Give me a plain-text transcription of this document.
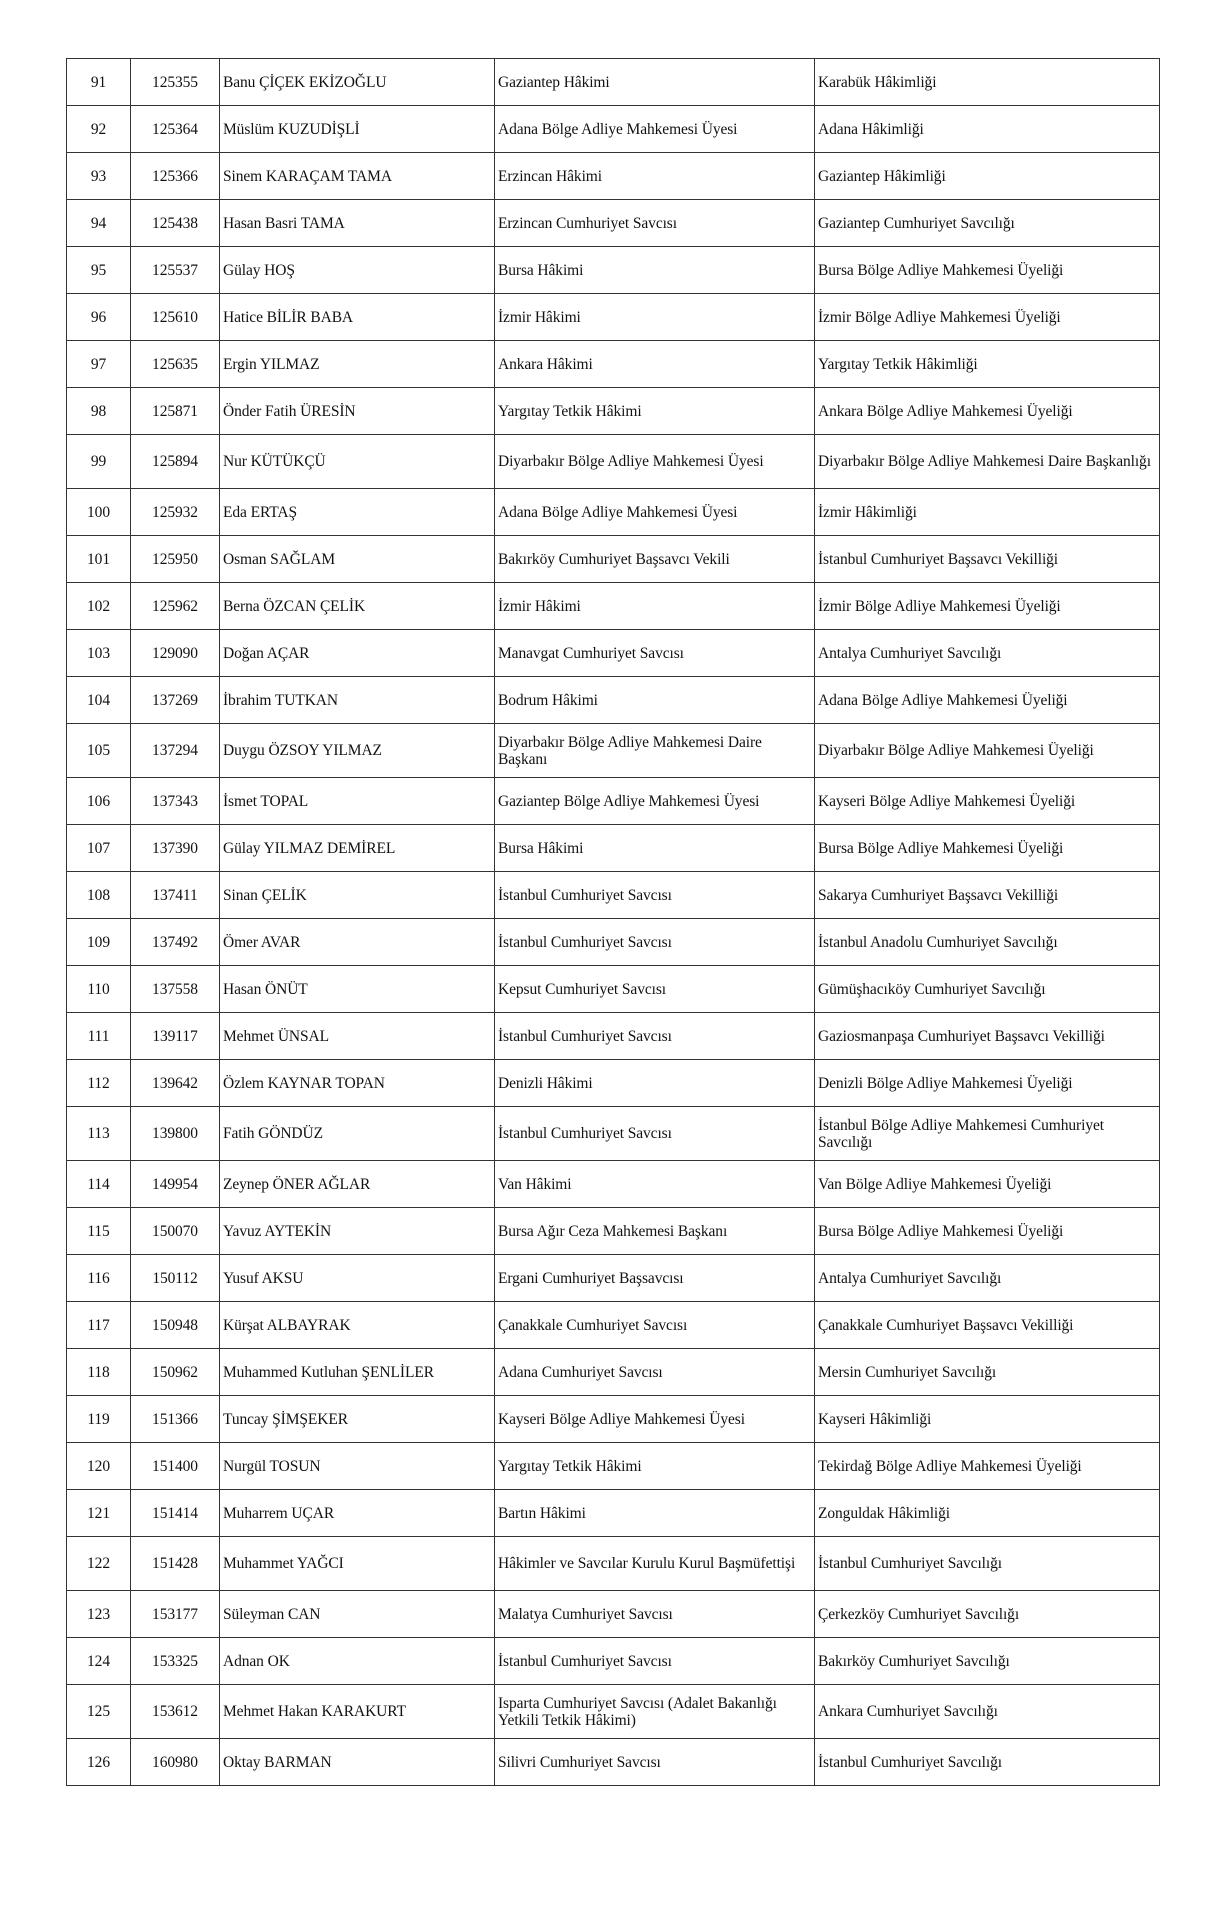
91	125355	Banu ÇİÇEK EKİZOĞLU	Gaziantep Hâkimi	Karabük Hâkimliği
92	125364	Müslüm KUZUDİŞLİ	Adana Bölge Adliye Mahkemesi Üyesi	Adana Hâkimliği
93	125366	Sinem KARAÇAM TAMA	Erzincan Hâkimi	Gaziantep Hâkimliği
94	125438	Hasan Basri TAMA	Erzincan Cumhuriyet Savcısı	Gaziantep Cumhuriyet Savcılığı
95	125537	Gülay HOŞ	Bursa Hâkimi	Bursa Bölge Adliye Mahkemesi Üyeliği
96	125610	Hatice BİLİR BABA	İzmir Hâkimi	İzmir Bölge Adliye Mahkemesi Üyeliği
97	125635	Ergin YILMAZ	Ankara Hâkimi	Yargıtay Tetkik Hâkimliği
98	125871	Önder Fatih ÜRESİN	Yargıtay Tetkik Hâkimi	Ankara Bölge Adliye Mahkemesi Üyeliği
99	125894	Nur KÜTÜKÇÜ	Diyarbakır Bölge Adliye Mahkemesi Üyesi	Diyarbakır Bölge Adliye Mahkemesi Daire Başkanlığı
100	125932	Eda ERTAŞ	Adana Bölge Adliye Mahkemesi Üyesi	İzmir Hâkimliği
101	125950	Osman SAĞLAM	Bakırköy Cumhuriyet Başsavcı Vekili	İstanbul Cumhuriyet Başsavcı Vekilliği
102	125962	Berna ÖZCAN ÇELİK	İzmir Hâkimi	İzmir Bölge Adliye Mahkemesi Üyeliği
103	129090	Doğan AÇAR	Manavgat Cumhuriyet Savcısı	Antalya Cumhuriyet Savcılığı
104	137269	İbrahim TUTKAN	Bodrum Hâkimi	Adana Bölge Adliye Mahkemesi Üyeliği
105	137294	Duygu ÖZSOY YILMAZ	Diyarbakır Bölge Adliye Mahkemesi Daire Başkanı	Diyarbakır Bölge Adliye Mahkemesi Üyeliği
106	137343	İsmet TOPAL	Gaziantep Bölge Adliye Mahkemesi Üyesi	Kayseri Bölge Adliye Mahkemesi Üyeliği
107	137390	Gülay YILMAZ DEMİREL	Bursa Hâkimi	Bursa Bölge Adliye Mahkemesi Üyeliği
108	137411	Sinan ÇELİK	İstanbul Cumhuriyet Savcısı	Sakarya Cumhuriyet Başsavcı Vekilliği
109	137492	Ömer AVAR	İstanbul Cumhuriyet Savcısı	İstanbul Anadolu Cumhuriyet Savcılığı
110	137558	Hasan ÖNÜT	Kepsut Cumhuriyet Savcısı	Gümüşhacıköy Cumhuriyet Savcılığı
111	139117	Mehmet ÜNSAL	İstanbul Cumhuriyet Savcısı	Gaziosmanpaşa Cumhuriyet Başsavcı Vekilliği
112	139642	Özlem KAYNAR TOPAN	Denizli Hâkimi	Denizli Bölge Adliye Mahkemesi Üyeliği
113	139800	Fatih GÖNDÜZ	İstanbul Cumhuriyet Savcısı	İstanbul Bölge Adliye Mahkemesi Cumhuriyet Savcılığı
114	149954	Zeynep ÖNER AĞLAR	Van Hâkimi	Van Bölge Adliye Mahkemesi Üyeliği
115	150070	Yavuz AYTEKİN	Bursa Ağır Ceza Mahkemesi Başkanı	Bursa Bölge Adliye Mahkemesi Üyeliği
116	150112	Yusuf AKSU	Ergani Cumhuriyet Başsavcısı	Antalya Cumhuriyet Savcılığı
117	150948	Kürşat ALBAYRAK	Çanakkale Cumhuriyet Savcısı	Çanakkale Cumhuriyet Başsavcı Vekilliği
118	150962	Muhammed Kutluhan ŞENLİLER	Adana Cumhuriyet Savcısı	Mersin Cumhuriyet Savcılığı
119	151366	Tuncay ŞİMŞEKER	Kayseri Bölge Adliye Mahkemesi Üyesi	Kayseri Hâkimliği
120	151400	Nurgül TOSUN	Yargıtay Tetkik Hâkimi	Tekirdağ Bölge Adliye Mahkemesi Üyeliği
121	151414	Muharrem UÇAR	Bartın Hâkimi	Zonguldak Hâkimliği
122	151428	Muhammet YAĞCI	Hâkimler ve Savcılar Kurulu Kurul Başmüfettişi	İstanbul Cumhuriyet Savcılığı
123	153177	Süleyman CAN	Malatya Cumhuriyet Savcısı	Çerkezköy Cumhuriyet Savcılığı
124	153325	Adnan OK	İstanbul Cumhuriyet Savcısı	Bakırköy Cumhuriyet Savcılığı
125	153612	Mehmet Hakan KARAKURT	Isparta Cumhuriyet Savcısı (Adalet Bakanlığı Yetkili Tetkik Hâkimi)	Ankara Cumhuriyet Savcılığı
126	160980	Oktay BARMAN	Silivri Cumhuriyet Savcısı	İstanbul Cumhuriyet Savcılığı
